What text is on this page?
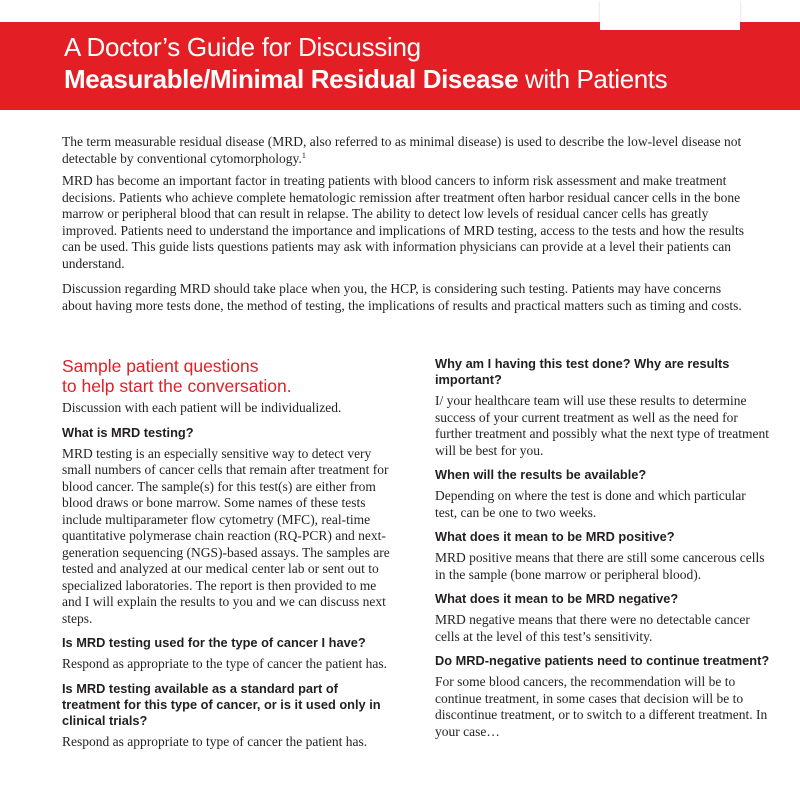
A Doctor’s Guide for Discussing
Measurable/Minimal Residual Disease with Patients

The term measurable residual disease (MRD, also referred to as minimal disease) is used to describe the low-level disease not detectable by conventional cytomorphology.$^1$

MRD has become an important factor in treating patients with blood cancers to inform risk assessment and make treatment decisions. Patients who achieve complete hematologic remission after treatment often harbor residual cancer cells in the bone marrow or peripheral blood that can result in relapse. The ability to detect low levels of residual cancer cells has greatly improved. Patients need to understand the importance and implications of MRD testing, access to the tests and how the results can be used. This guide lists questions patients may ask with information physicians can provide at a level their patients can understand.

Discussion regarding MRD should take place when you, the HCP, is considering such testing. Patients may have concerns about having more tests done, the method of testing, the implications of results and practical matters such as timing and costs.

Sample patient questions
to help start the conversation.

Discussion with each patient will be individualized.

What is MRD testing?

MRD testing is an especially sensitive way to detect very small numbers of cancer cells that remain after treatment for blood cancer. The sample(s) for this test(s) are either from blood draws or bone marrow. Some names of these tests include multiparameter flow cytometry (MFC), real-time quantitative polymerase chain reaction (RQ-PCR) and next-generation sequencing (NGS)-based assays. The samples are tested and analyzed at our medical center lab or sent out to specialized laboratories. The report is then provided to me and I will explain the results to you and we can discuss next steps.

Is MRD testing used for the type of cancer I have?

Respond as appropriate to the type of cancer the patient has.

Is MRD testing available as a standard part of treatment for this type of cancer, or is it used only in clinical trials?

Respond as appropriate to type of cancer the patient has.

Why am I having this test done? Why are results important?

I/ your healthcare team will use these results to determine success of your current treatment as well as the need for further treatment and possibly what the next type of treatment will be best for you.

When will the results be available?

Depending on where the test is done and which particular test, can be one to two weeks.

What does it mean to be MRD positive?

MRD positive means that there are still some cancerous cells in the sample (bone marrow or peripheral blood).

What does it mean to be MRD negative?

MRD negative means that there were no detectable cancer cells at the level of this test’s sensitivity.

Do MRD-negative patients need to continue treatment?

For some blood cancers, the recommendation will be to continue treatment, in some cases that decision will be to discontinue treatment, or to switch to a different treatment. In your case…
